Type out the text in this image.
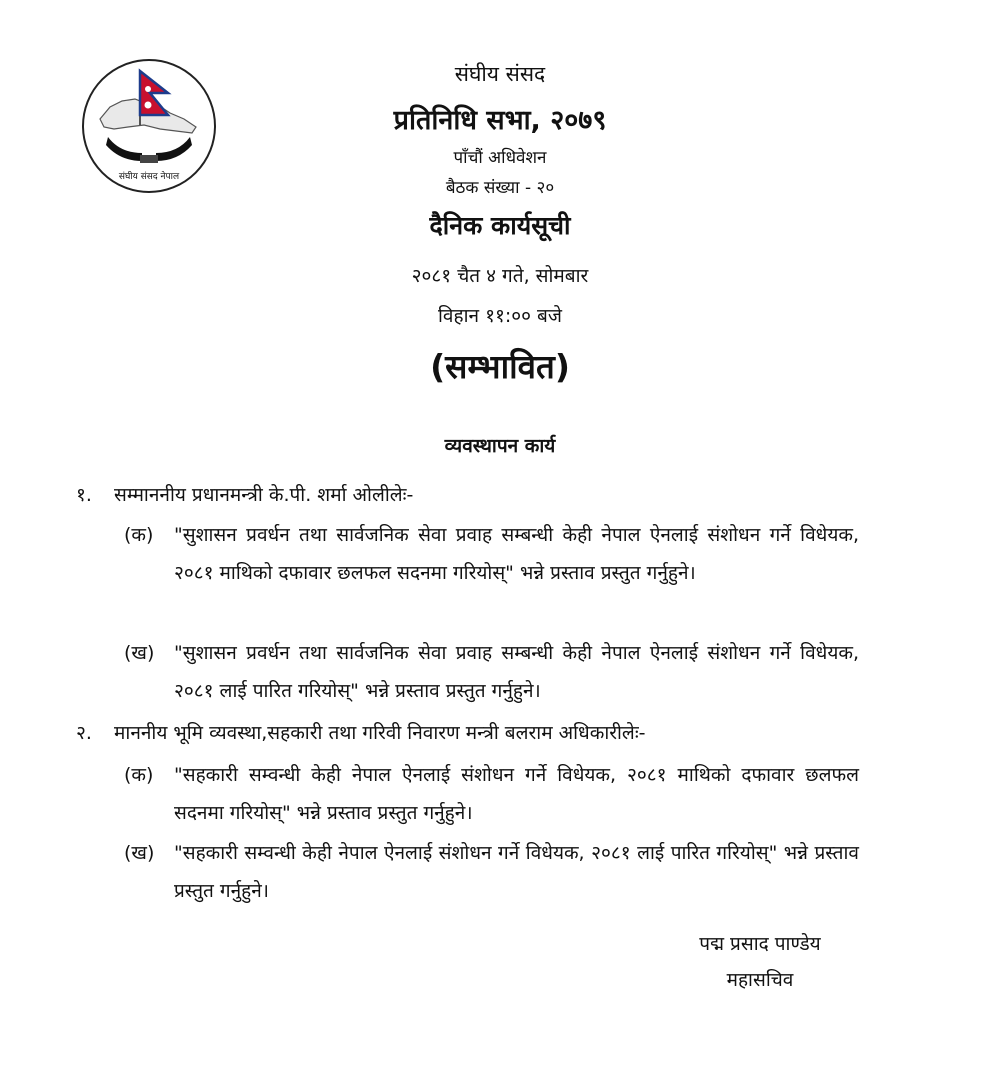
संघीय संसद नेपाल
संघीय संसद
प्रतिनिधि सभा, २०७९
पाँचौं अधिवेशन
बैठक संख्या - २०
दैनिक कार्यसूची
२०८१ चैत ४ गते, सोमबार
विहान ११:०० बजे
(सम्भावित)
व्यवस्थापन कार्य
१. सम्माननीय प्रधानमन्त्री के.पी. शर्मा ओलीलेः-
(क)	"सुशासन प्रवर्धन तथा सार्वजनिक सेवा प्रवाह सम्बन्धी केही नेपाल ऐनलाई संशोधन गर्ने विधेयक, २०८१ माथिको दफावार छलफल सदनमा गरियोस्" भन्ने प्रस्ताव प्रस्तुत गर्नुहुने।
(ख)	"सुशासन प्रवर्धन तथा सार्वजनिक सेवा प्रवाह सम्बन्धी केही नेपाल ऐनलाई संशोधन गर्ने विधेयक, २०८१ लाई पारित गरियोस्" भन्ने प्रस्ताव प्रस्तुत गर्नुहुने।
२. माननीय भूमि व्यवस्था,सहकारी तथा गरिवी निवारण मन्त्री बलराम अधिकारीलेः-
(क)	"सहकारी सम्वन्धी केही नेपाल ऐनलाई संशोधन गर्ने विधेयक, २०८१ माथिको दफावार छलफल सदनमा गरियोस्" भन्ने प्रस्ताव प्रस्तुत गर्नुहुने।
(ख)	"सहकारी सम्वन्धी केही नेपाल ऐनलाई संशोधन गर्ने विधेयक, २०८१ लाई पारित गरियोस्" भन्ने प्रस्ताव प्रस्तुत गर्नुहुने।
पद्म प्रसाद पाण्डेय
महासचिव
